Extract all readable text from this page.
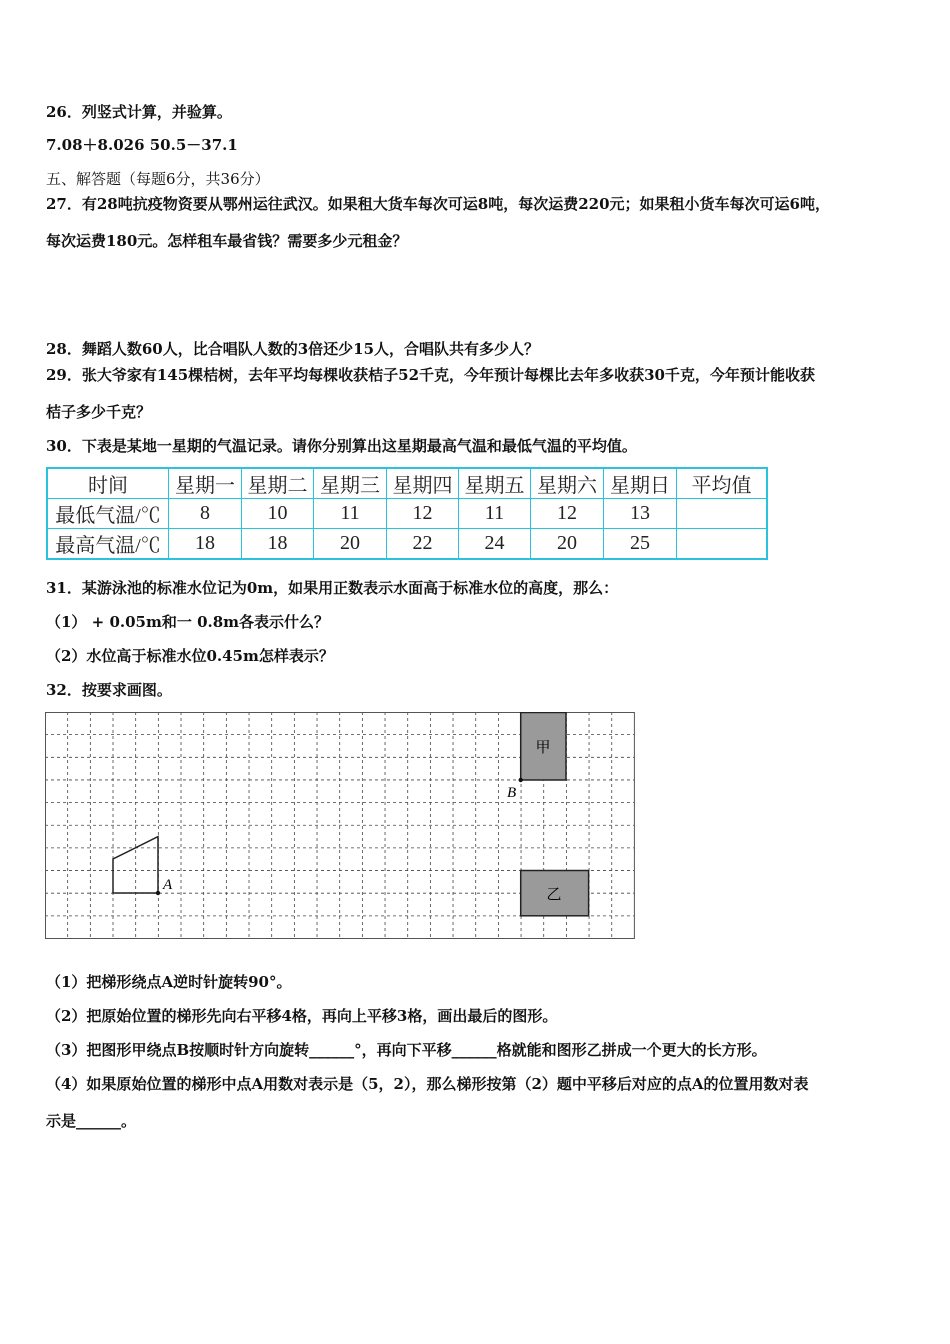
26．列竖式计算，并验算。
7.08＋8.026 50.5－37.1
五、解答题（每题6分，共36分）
27．有28吨抗疫物资要从鄂州运往武汉。如果租大货车每次可运8吨，每次运费220元；如果租小货车每次可运6吨，
每次运费180元。怎样租车最省钱？需要多少元租金？
28．舞蹈人数60人，比合唱队人数的3倍还少15人，合唱队共有多少人？
29．张大爷家有145棵桔树，去年平均每棵收获桔子52千克，今年预计每棵比去年多收获30千克，今年预计能收获
桔子多少千克？
30．下表是某地一星期的气温记录。请你分别算出这星期最高气温和最低气温的平均值。
时间	星期一	星期二	星期三	星期四	星期五	星期六	星期日	平均值
最低气温/℃	8	10	11	12	11	12	13	
最高气温/℃	18	18	20	22	24	20	25	
31．某游泳池的标准水位记为0m，如果用正数表示水面高于标准水位的高度，那么：
（1） + 0.05m和一 0.8m各表示什么？
（2）水位高于标准水位0.45m怎样表示？
32．按要求画图。
甲
乙
B
A
（1）把梯形绕点A逆时针旋转90°。
（2）把原始位置的梯形先向右平移4格，再向上平移3格，画出最后的图形。
（3）把图形甲绕点B按顺时针方向旋转______°，再向下平移______格就能和图形乙拼成一个更大的长方形。
（4）如果原始位置的梯形中点A用数对表示是（5，2），那么梯形按第（2）题中平移后对应的点A的位置用数对表
示是______。
